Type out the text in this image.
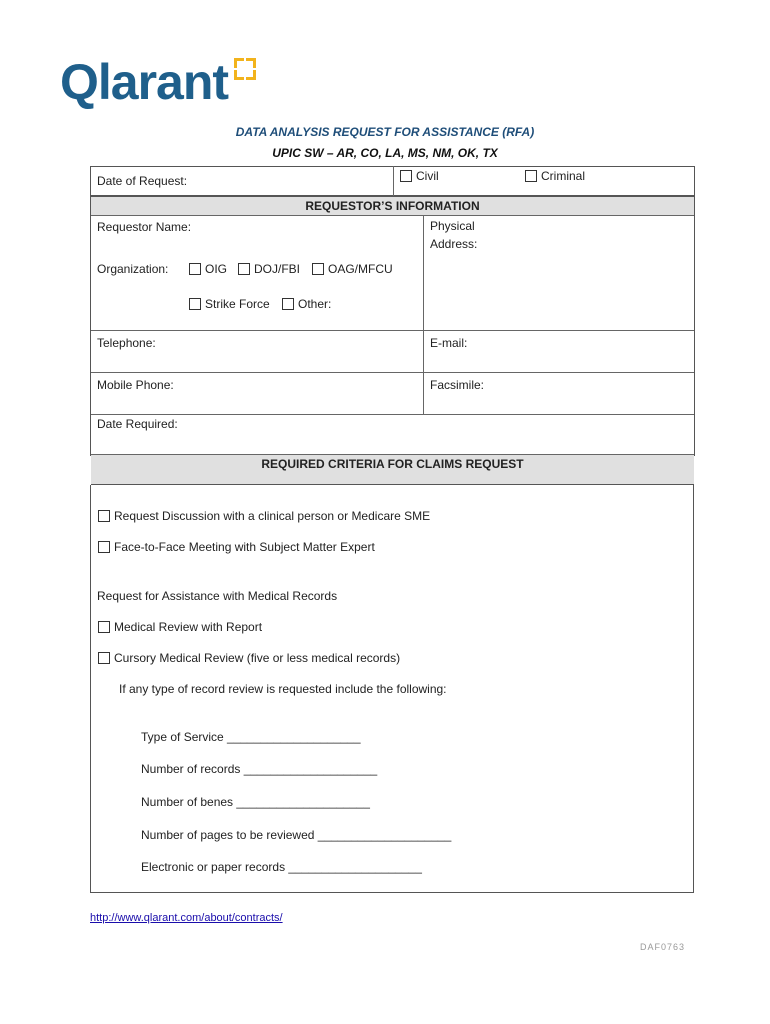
Qlarant
DATA ANALYSIS REQUEST FOR ASSISTANCE (RFA)
UPIC SW – AR, CO, LA, MS, NM, OK, TX
Date of Request:	Civil	Criminal
REQUESTOR’S INFORMATION
Requestor Name:	Physical
Address:
Organization:	OIG	DOJ/FBI	OAG/MFCU
Strike Force	Other:
Telephone:	E-mail:
Mobile Phone:	Facsimile:
Date Required:
REQUIRED CRITERIA FOR CLAIMS REQUEST
Request Discussion with a clinical person or Medicare SME
Face-to-Face Meeting with Subject Matter Expert
Request for Assistance with Medical Records
Medical Review with Report
Cursory Medical Review (five or less medical records)
If any type of record review is requested include the following:
Type of Service ____________________
Number of records ____________________
Number of benes ____________________
Number of pages to be reviewed ____________________
Electronic or paper records ____________________
http://www.qlarant.com/about/contracts/
DAF0763
